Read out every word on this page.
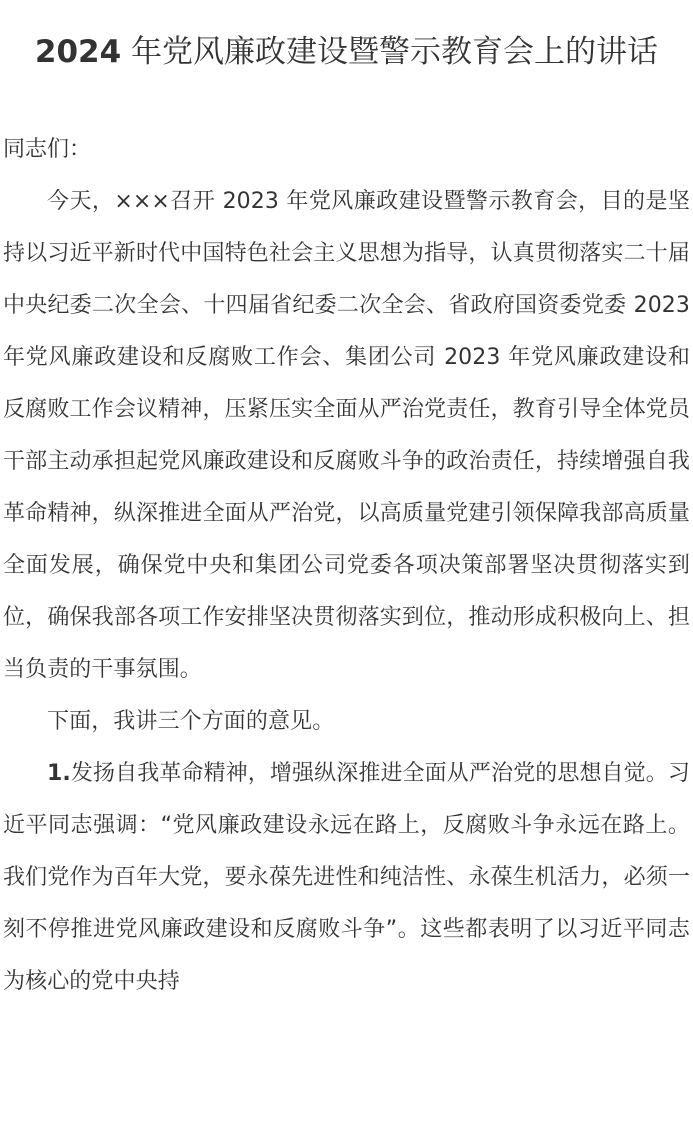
2024 年党风廉政建设暨警示教育会上的讲话

同志们：

今天，×××召开 2023 年党风廉政建设暨警示教育会，目的是坚持以习近平新时代中国特色社会主义思想为指导，认真贯彻落实二十届中央纪委二次全会、十四届省纪委二次全会、省政府国资委党委 2023 年党风廉政建设和反腐败工作会、集团公司 2023 年党风廉政建设和反腐败工作会议精神，压紧压实全面从严治党责任，教育引导全体党员干部主动承担起党风廉政建设和反腐败斗争的政治责任，持续增强自我革命精神，纵深推进全面从严治党，以高质量党建引领保障我部高质量全面发展，确保党中央和集团公司党委各项决策部署坚决贯彻落实到位，确保我部各项工作安排坚决贯彻落实到位，推动形成积极向上、担当负责的干事氛围。

下面，我讲三个方面的意见。

1.发扬自我革命精神，增强纵深推进全面从严治党的思想自觉。习近平同志强调：“党风廉政建设永远在路上，反腐败斗争永远在路上。我们党作为百年大党，要永葆先进性和纯洁性、永葆生机活力，必须一刻不停推进党风廉政建设和反腐败斗争”。这些都表明了以习近平同志为核心的党中央持
